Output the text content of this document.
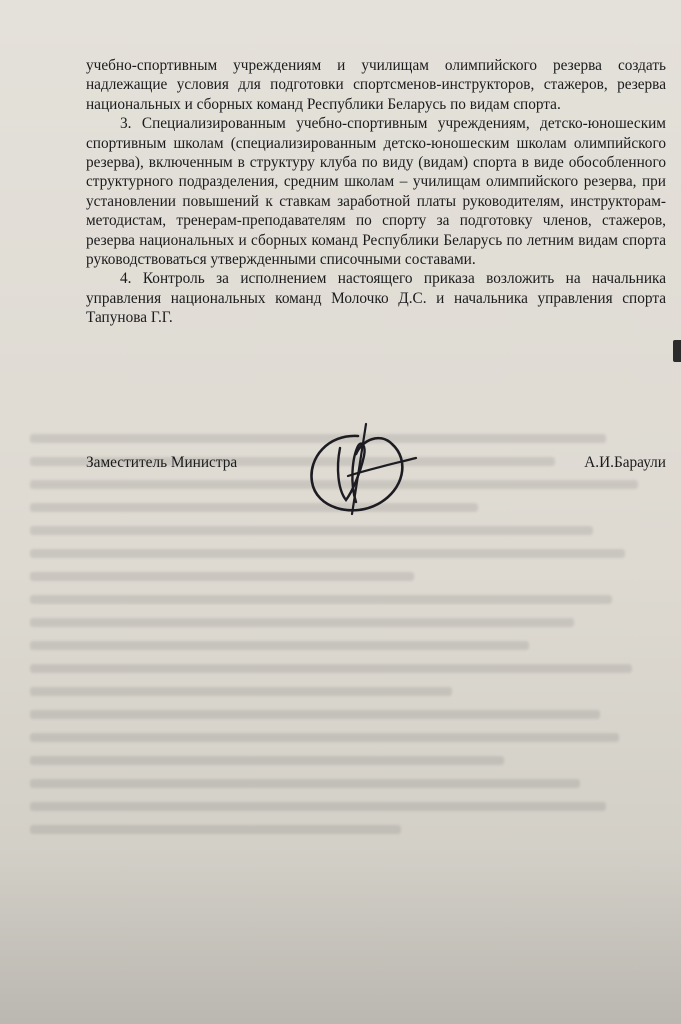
учебно-спортивным учреждениям и училищам олимпийского резерва создать надлежащие условия для подготовки спортсменов-инструкторов, стажеров, резерва национальных и сборных команд Республики Беларусь по видам спорта.

3. Специализированным учебно-спортивным учреждениям, детско-юношеским спортивным школам (специализированным детско-юношеским школам олимпийского резерва), включенным в структуру клуба по виду (видам) спорта в виде обособленного структурного подразделения, средним школам – училищам олимпийского резерва, при установлении повышений к ставкам заработной платы руководителям, инструкторам-методистам, тренерам-преподавателям по спорту за подготовку членов, стажеров, резерва национальных и сборных команд Республики Беларусь по летним видам спорта руководствоваться утвержденными списочными составами.

4. Контроль за исполнением настоящего приказа возложить на начальника управления национальных команд Молочко Д.С. и начальника управления спорта Тапунова Г.Г.

Заместитель Министра	А.И.Бараули
